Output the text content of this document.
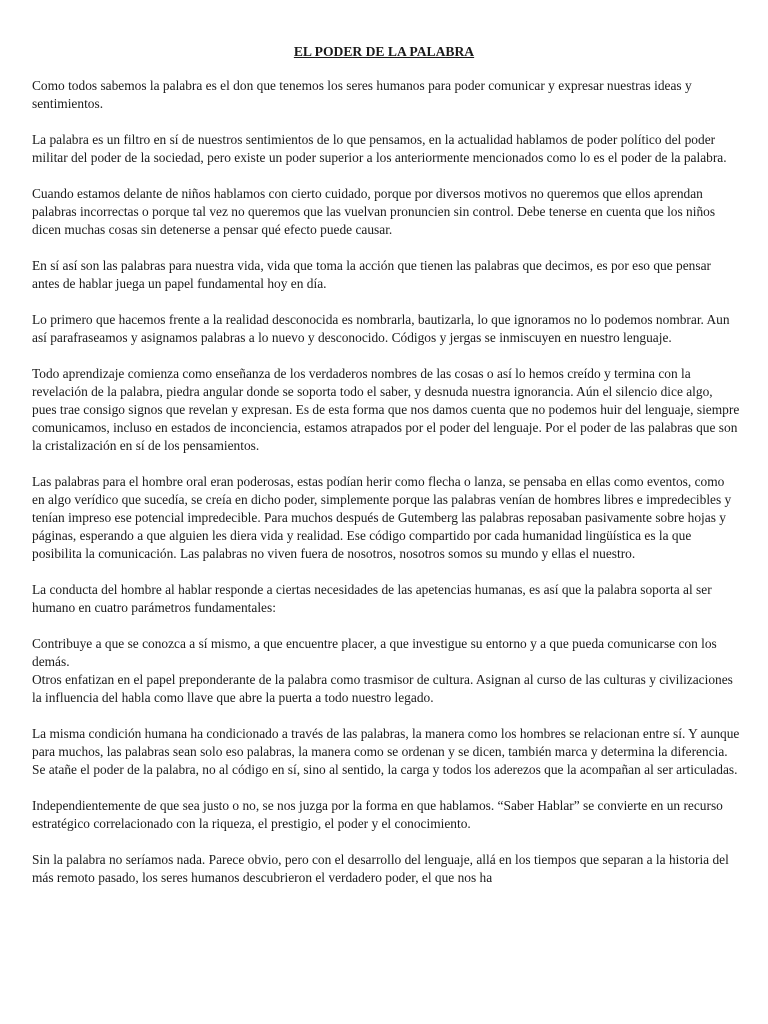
EL PODER DE LA PALABRA

Como todos sabemos la palabra es el don que tenemos los seres humanos para poder comunicar y expresar nuestras ideas y sentimientos.

La palabra es un filtro en sí de nuestros sentimientos de lo que pensamos, en la actualidad hablamos de poder político del poder militar del poder de la sociedad, pero existe un poder superior a los anteriormente mencionados como lo es el poder de la palabra.

Cuando estamos delante de niños hablamos con cierto cuidado, porque por diversos motivos no queremos que ellos aprendan palabras incorrectas o porque tal vez no queremos que las vuelvan pronuncien sin control. Debe tenerse en cuenta que los niños dicen muchas cosas sin detenerse a pensar qué efecto puede causar.

En sí así son las palabras para nuestra vida, vida que toma la acción que tienen las palabras que decimos, es por eso que pensar antes de hablar juega un papel fundamental hoy en día.

Lo primero que hacemos frente a la realidad desconocida es nombrarla, bautizarla, lo que ignoramos no lo podemos nombrar. Aun así parafraseamos y asignamos palabras a lo nuevo y desconocido. Códigos y jergas se inmiscuyen en nuestro lenguaje.

Todo aprendizaje comienza como enseñanza de los verdaderos nombres de las cosas o así lo hemos creído y termina con la revelación de la palabra, piedra angular donde se soporta todo el saber, y desnuda nuestra ignorancia. Aún el silencio dice algo, pues trae consigo signos que revelan y expresan. Es de esta forma que nos damos cuenta que no podemos huir del lenguaje, siempre comunicamos, incluso en estados de inconciencia, estamos atrapados por el poder del lenguaje. Por el poder de las palabras que son la cristalización en sí de los pensamientos.

Las palabras para el hombre oral eran poderosas, estas podían herir como flecha o lanza, se pensaba en ellas como eventos, como en algo verídico que sucedía, se creía en dicho poder, simplemente porque las palabras venían de hombres libres e impredecibles y tenían impreso ese potencial impredecible. Para muchos después de Gutemberg las palabras reposaban pasivamente sobre hojas y páginas, esperando a que alguien les diera vida y realidad. Ese código compartido por cada humanidad lingüística es la que posibilita la comunicación. Las palabras no viven fuera de nosotros, nosotros somos su mundo y ellas el nuestro.

La conducta del hombre al hablar responde a ciertas necesidades de las apetencias humanas, es así que la palabra soporta al ser humano en cuatro parámetros fundamentales:

Contribuye a que se conozca a sí mismo, a que encuentre placer, a que investigue su entorno y a que pueda comunicarse con los demás.

Otros enfatizan en el papel preponderante de la palabra como trasmisor de cultura. Asignan al curso de las culturas y civilizaciones la influencia del habla como llave que abre la puerta a todo nuestro legado.

La misma condición humana ha condicionado a través de las palabras, la manera como los hombres se relacionan entre sí. Y aunque para muchos, las palabras sean solo eso palabras, la manera como se ordenan y se dicen, también marca y determina la diferencia. Se atañe el poder de la palabra, no al código en sí, sino al sentido, la carga y todos los aderezos que la acompañan al ser articuladas.

Independientemente de que sea justo o no, se nos juzga por la forma en que hablamos. “Saber Hablar” se convierte en un recurso estratégico correlacionado con la riqueza, el prestigio, el poder y el conocimiento.

Sin la palabra no seríamos nada. Parece obvio, pero con el desarrollo del lenguaje, allá en los tiempos que separan a la historia del más remoto pasado, los seres humanos descubrieron el verdadero poder, el que nos ha
